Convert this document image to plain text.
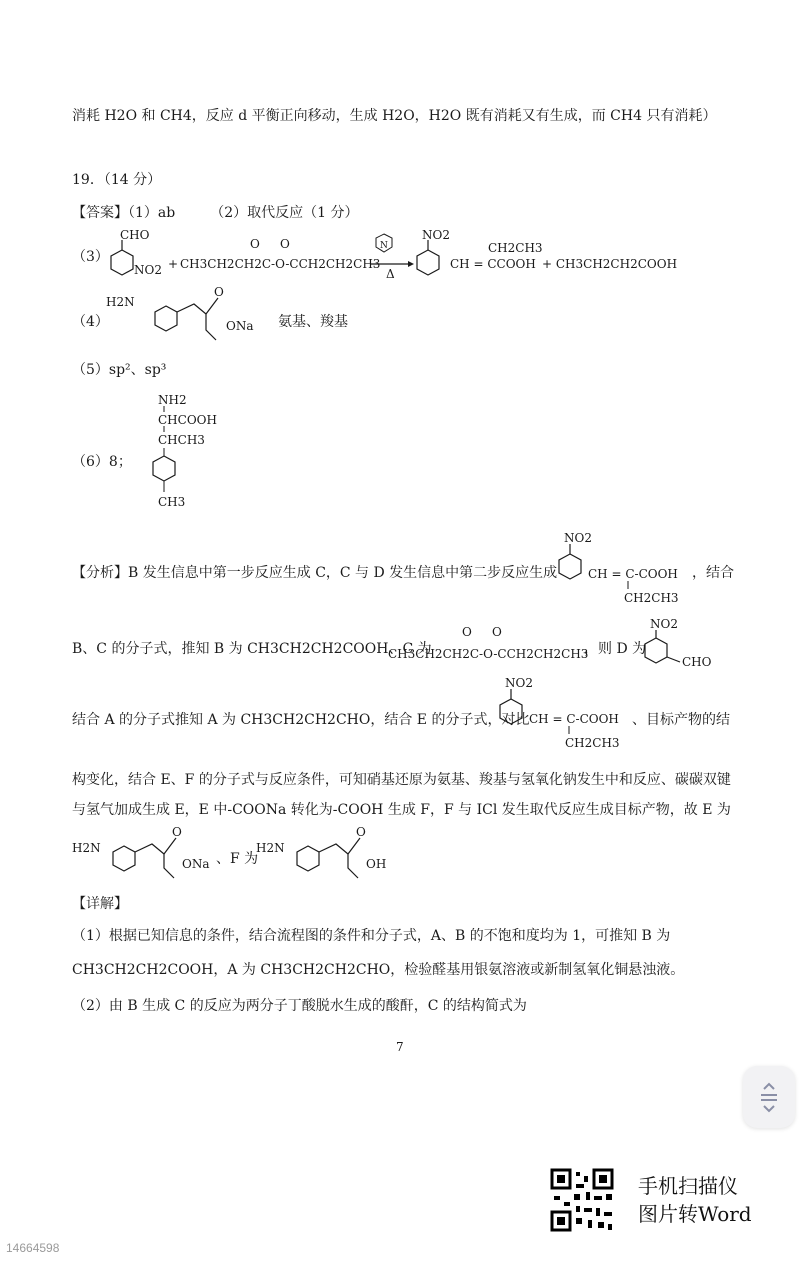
消耗 H2O 和 CH4，反应 d 平衡正向移动，生成 H2O，H2O 既有消耗又有生成，而 CH4 只有消耗）
19．（14 分）
【答案】（1）ab　　　（2）取代反应（1 分）
（3）
CHO
NO2 +
O O
CH3CH2CH2C-O-CCH2CH2CH3
N
Δ
NO2
CH = CCOOH
CH2CH3
+ CH3CH2CH2COOH
（4）
H2N
O
ONa 氨基、羧基
（5）sp²、sp³
（6）8；
NH2
CHCOOH
CHCH3
CH3
【分析】B 发生信息中第一步反应生成 C，C 与 D 发生信息中第二步反应生成
NO2
CH = C-COOH
CH2CH3
，结合
B、C 的分子式，推知 B 为 CH3CH2CH2COOH、C 为
O O
CH3CH2CH2C-O-CCH2CH2CH3
，则 D 为
NO2
CHO
结合 A 的分子式推知 A 为 CH3CH2CH2CHO，结合 E 的分子式，对比
NO2
CH = C-COOH
CH2CH3
、目标产物的结
构变化，结合 E、F 的分子式与反应条件，可知硝基还原为氨基、羧基与氢氧化钠发生中和反应、碳碳双键
与氢气加成生成 E，E 中-COONa 转化为-COOH 生成 F，F 与 ICl 发生取代反应生成目标产物，故 E 为
H2N
O
ONa 、F 为
H2N
O
OH
【详解】
（1）根据已知信息的条件，结合流程图的条件和分子式，A、B 的不饱和度均为 1，可推知 B 为
CH3CH2CH2COOH，A 为 CH3CH2CH2CHO，检验醛基用银氨溶液或新制氢氧化铜悬浊液。
（2）由 B 生成 C 的反应为两分子丁酸脱水生成的酸酐，C 的结构简式为
7
手机扫描仪
图片转Word
14664598
